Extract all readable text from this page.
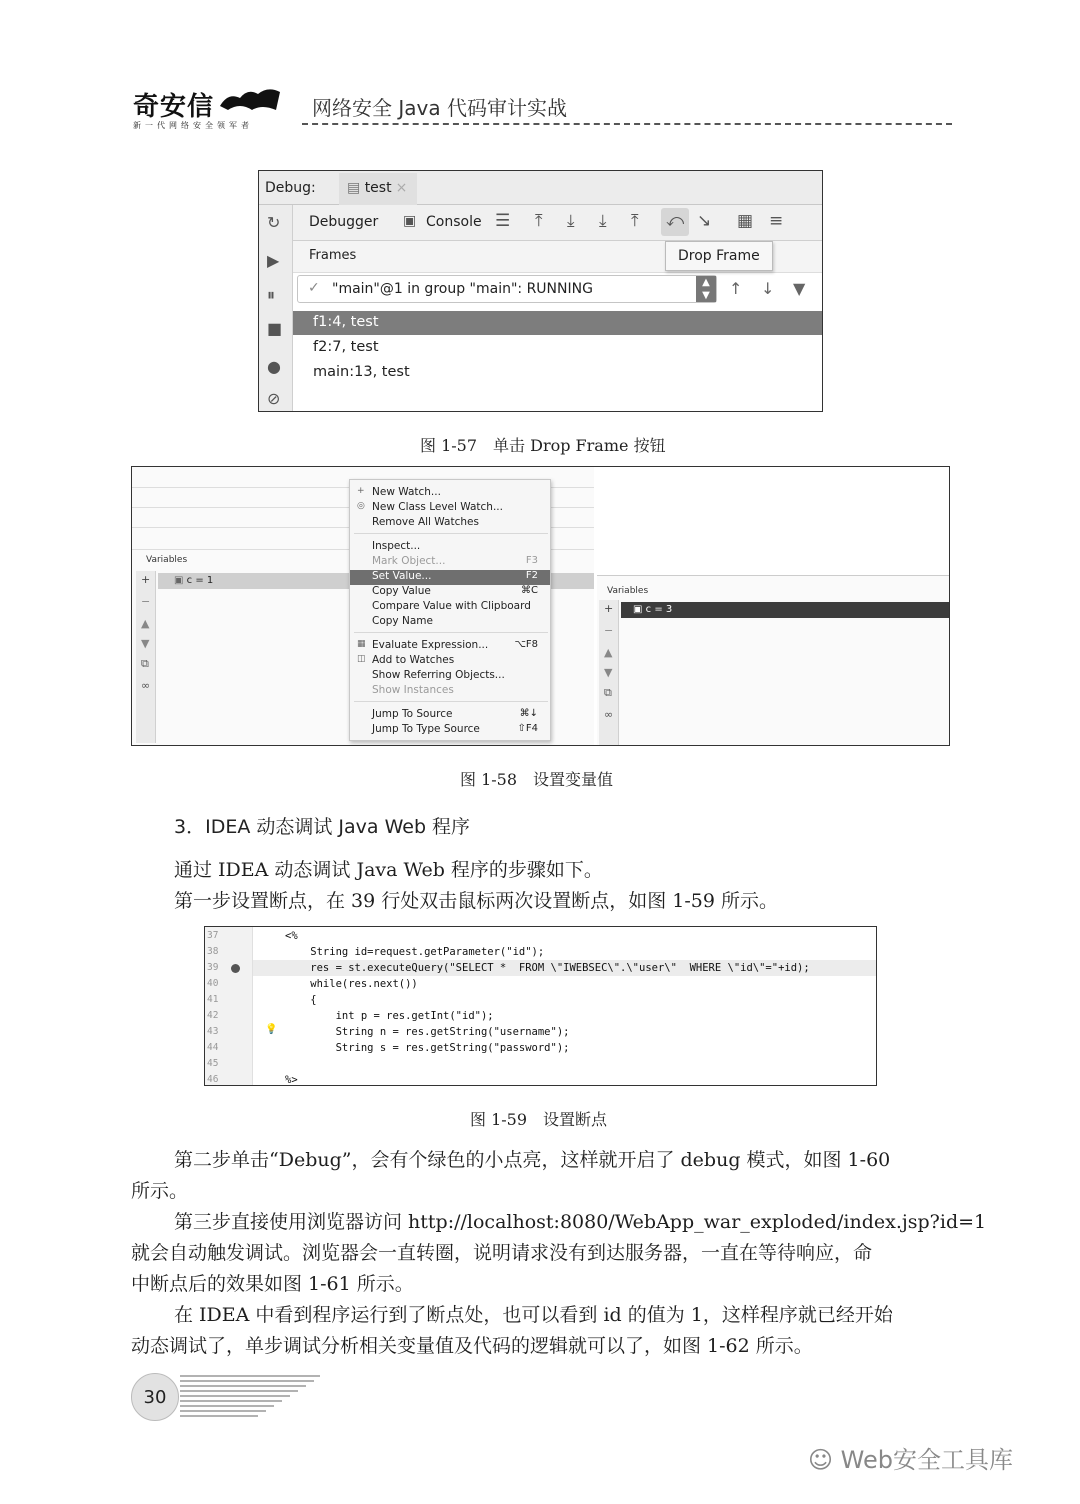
奇安信
新一代网络安全领军者
网络安全 Java 代码审计实战
Debug:	▤ test ×
↻
▶
⏸
■
●
⊘
Debugger ▣ Console ☰ ⤒ ⤓ ⤓ ⤒ ⤺ ↘ ▦ ≡
Frames	Drop Frame
✓ "main"@1 in group "main": RUNNING	▲
▼	↑ ↓ ▼
f1:4, test
f2:7, test
main:13, test
图 1-57　单击 Drop Frame 按钮
Variables
+
−
▲
▼
⧉
∞
▣ c = 1
+ New Watch...
◎ New Class Level Watch...
Remove All Watches
Inspect...
Mark Object...	F3
Set Value...	F2
Copy Value	⌘C
Compare Value with Clipboard
Copy Name
▦ Evaluate Expression...	⌥F8
◫ Add to Watches
Show Referring Objects...
Show Instances
Jump To Source	⌘↓
Jump To Type Source	⇧F4
Variables
+
−
▲
▼
⧉
∞
▣ c = 3
图 1-58　设置变量值
3．IDEA 动态调试 Java Web 程序
通过 IDEA 动态调试 Java Web 程序的步骤如下。
第一步设置断点，在 39 行处双击鼠标两次设置断点，如图 1-59 所示。
💡
37	<%
38	String id=request.getParameter("id");
39	res = st.executeQuery("SELECT *  FROM \"IWEBSEC\".\"user\"  WHERE \"id\"="+id);
40	while(res.next())
41	{
42	int p = res.getInt("id");
43	String n = res.getString("username");
44	String s = res.getString("password");
45
46	%>
图 1-59　设置断点
第二步单击“Debug”，会有个绿色的小点亮，这样就开启了 debug 模式，如图 1-60
所示。
第三步直接使用浏览器访问 http://localhost:8080/WebApp_war_exploded/index.jsp?id=1
就会自动触发调试。浏览器会一直转圈，说明请求没有到达服务器，一直在等待响应，命
中断点后的效果如图 1-61 所示。
在 IDEA 中看到程序运行到了断点处，也可以看到 id 的值为 1，这样程序就已经开始
动态调试了，单步调试分析相关变量值及代码的逻辑就可以了，如图 1-62 所示。
30
☺ Web安全工具库
